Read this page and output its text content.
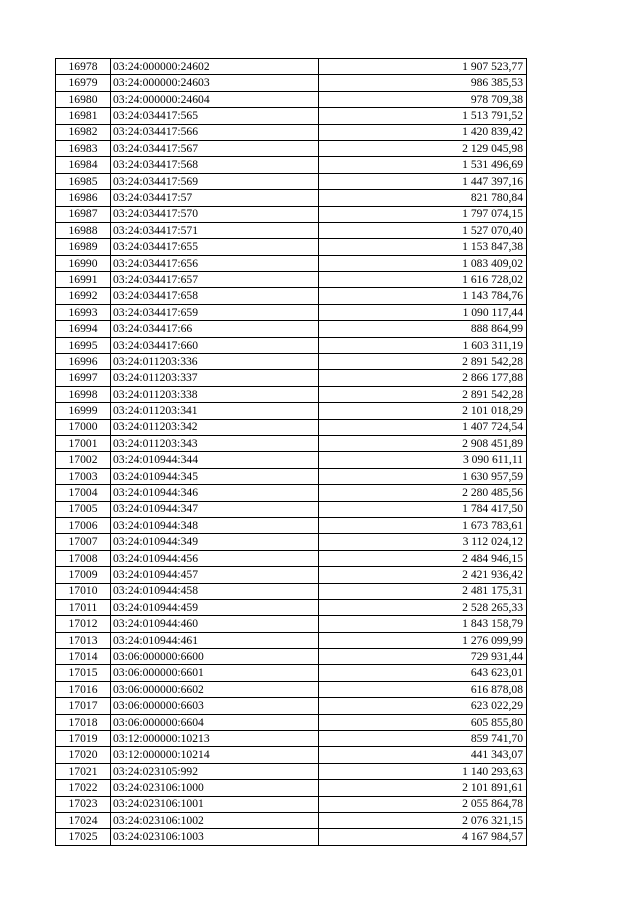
16978	03:24:000000:24602	1 907 523,77
16979	03:24:000000:24603	986 385,53
16980	03:24:000000:24604	978 709,38
16981	03:24:034417:565	1 513 791,52
16982	03:24:034417:566	1 420 839,42
16983	03:24:034417:567	2 129 045,98
16984	03:24:034417:568	1 531 496,69
16985	03:24:034417:569	1 447 397,16
16986	03:24:034417:57	821 780,84
16987	03:24:034417:570	1 797 074,15
16988	03:24:034417:571	1 527 070,40
16989	03:24:034417:655	1 153 847,38
16990	03:24:034417:656	1 083 409,02
16991	03:24:034417:657	1 616 728,02
16992	03:24:034417:658	1 143 784,76
16993	03:24:034417:659	1 090 117,44
16994	03:24:034417:66	888 864,99
16995	03:24:034417:660	1 603 311,19
16996	03:24:011203:336	2 891 542,28
16997	03:24:011203:337	2 866 177,88
16998	03:24:011203:338	2 891 542,28
16999	03:24:011203:341	2 101 018,29
17000	03:24:011203:342	1 407 724,54
17001	03:24:011203:343	2 908 451,89
17002	03:24:010944:344	3 090 611,11
17003	03:24:010944:345	1 630 957,59
17004	03:24:010944:346	2 280 485,56
17005	03:24:010944:347	1 784 417,50
17006	03:24:010944:348	1 673 783,61
17007	03:24:010944:349	3 112 024,12
17008	03:24:010944:456	2 484 946,15
17009	03:24:010944:457	2 421 936,42
17010	03:24:010944:458	2 481 175,31
17011	03:24:010944:459	2 528 265,33
17012	03:24:010944:460	1 843 158,79
17013	03:24:010944:461	1 276 099,99
17014	03:06:000000:6600	729 931,44
17015	03:06:000000:6601	643 623,01
17016	03:06:000000:6602	616 878,08
17017	03:06:000000:6603	623 022,29
17018	03:06:000000:6604	605 855,80
17019	03:12:000000:10213	859 741,70
17020	03:12:000000:10214	441 343,07
17021	03:24:023105:992	1 140 293,63
17022	03:24:023106:1000	2 101 891,61
17023	03:24:023106:1001	2 055 864,78
17024	03:24:023106:1002	2 076 321,15
17025	03:24:023106:1003	4 167 984,57
